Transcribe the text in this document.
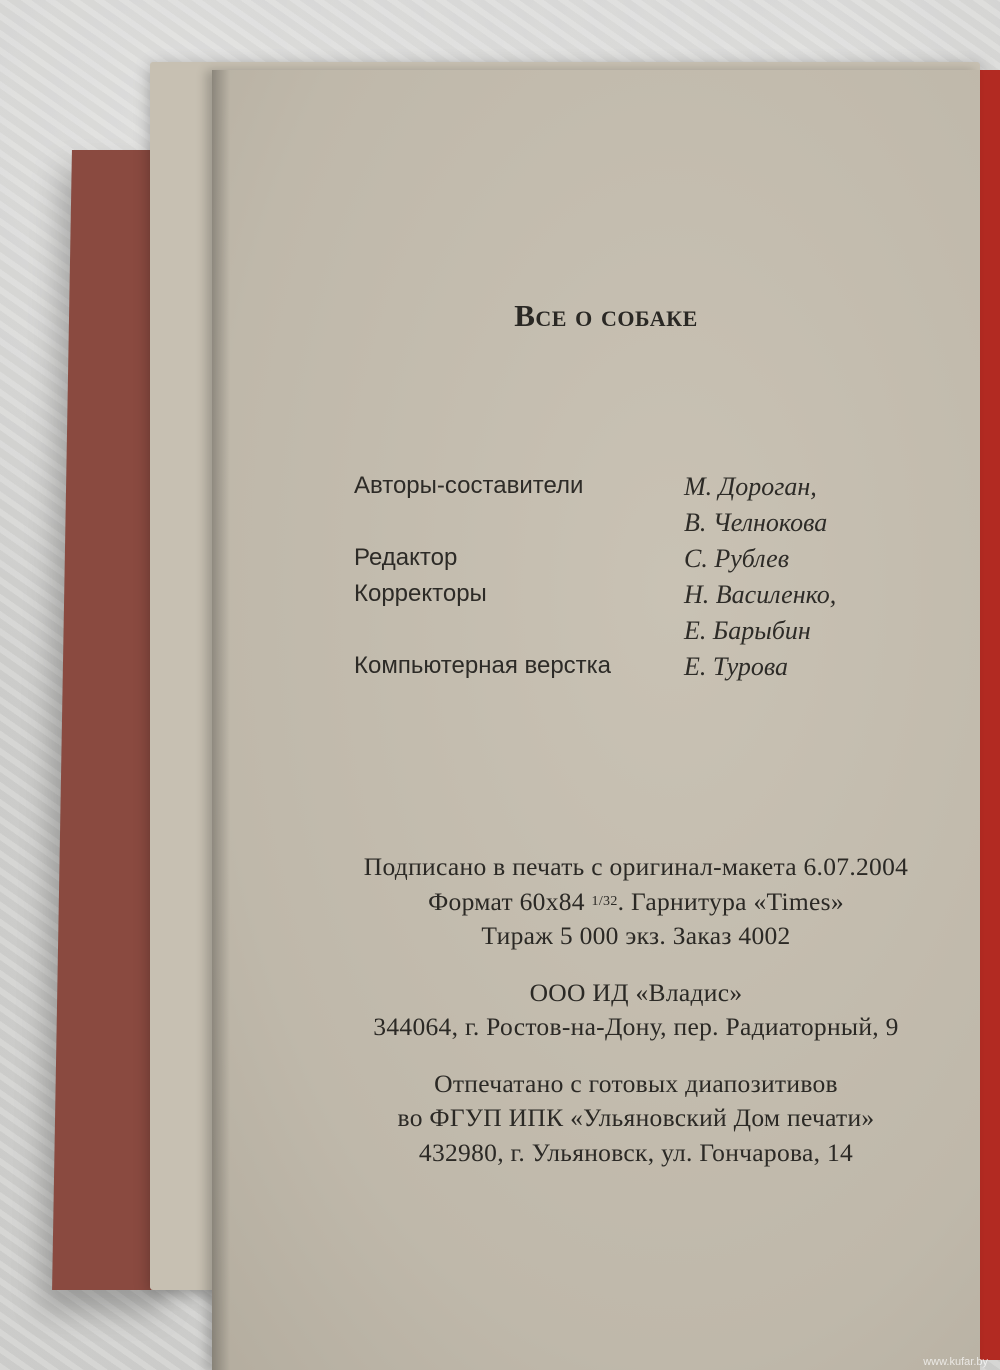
Все о собаке
Авторы-составители	М. Дороган,
В. Челнокова
Редактор	С. Рублев
Корректоры	Н. Василенко,
Е. Барыбин
Компьютерная верстка	Е. Турова

Подписано в печать с оригинал-макета 6.07.2004

Формат 60x84 $^{1/32}$. Гарнитура «Times»

Тираж 5 000 экз. Заказ 4002

ООО ИД «Владис»

344064, г. Ростов-на-Дону, пер. Радиаторный, 9

Отпечатано с готовых диапозитивов

во ФГУП ИПК «Ульяновский Дом печати»

432980, г. Ульяновск, ул. Гончарова, 14

www.kufar.by
